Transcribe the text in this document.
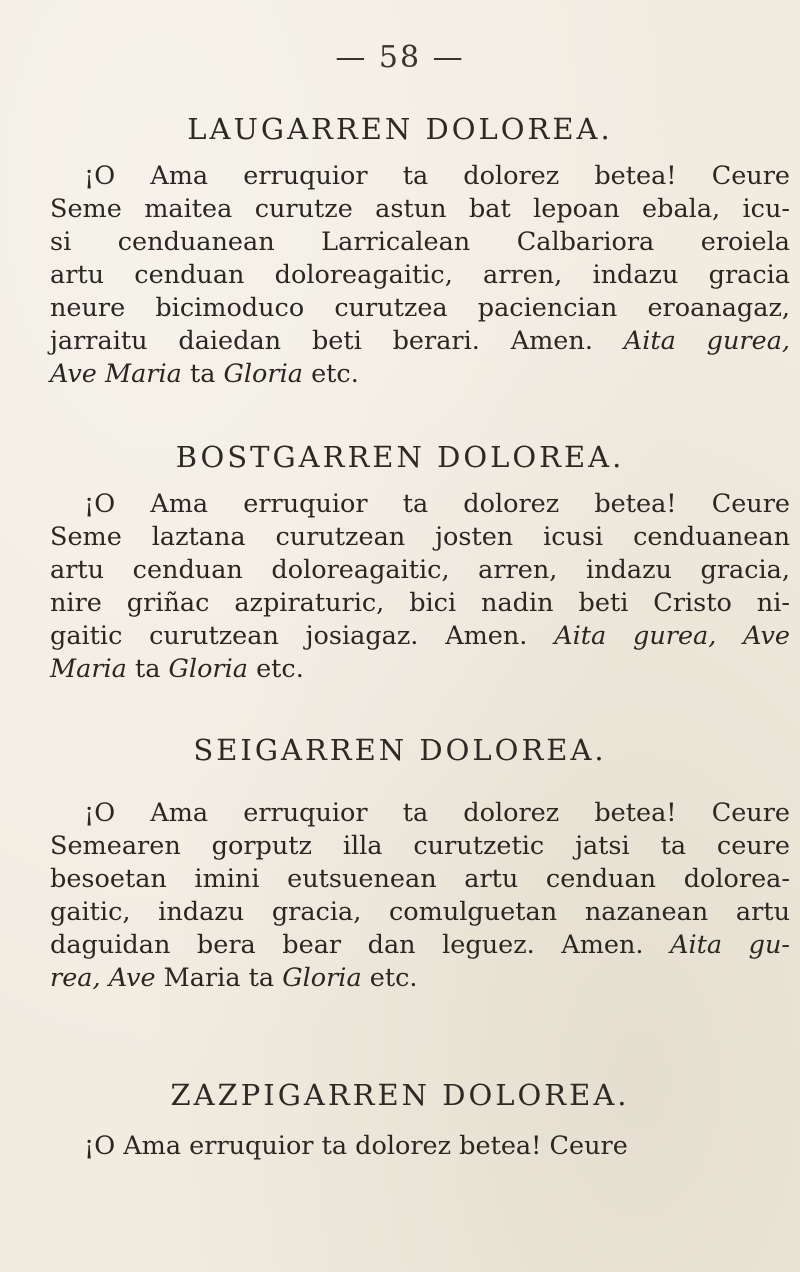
— 58 —
LAUGARREN DOLOREA.
¡O Ama erruquior ta dolorez betea! Ceure
Seme maitea curutze astun bat lepoan ebala, icu-
si cenduanean Larricalean Calbariora eroiela
artu cenduan doloreagaitic, arren, indazu gracia
neure bicimoduco curutzea paciencian eroanagaz,
jarraitu daiedan beti berari. Amen. Aita gurea,
Ave Maria ta Gloria etc.
BOSTGARREN DOLOREA.
¡O Ama erruquior ta dolorez betea! Ceure
Seme laztana curutzean josten icusi cenduanean
artu cenduan doloreagaitic, arren, indazu gracia,
nire griñac azpiraturic, bici nadin beti Cristo ni-
gaitic curutzean josiagaz. Amen. Aita gurea, Ave
Maria ta Gloria etc.
SEIGARREN DOLOREA.
¡O Ama erruquior ta dolorez betea! Ceure
Semearen gorputz illa curutzetic jatsi ta ceure
besoetan imini eutsuenean artu cenduan dolorea-
gaitic, indazu gracia, comulguetan nazanean artu
daguidan bera bear dan leguez. Amen. Aita gu-
rea, Ave Maria ta Gloria etc.
ZAZPIGARREN DOLOREA.
¡O Ama erruquior ta dolorez betea! Ceure
